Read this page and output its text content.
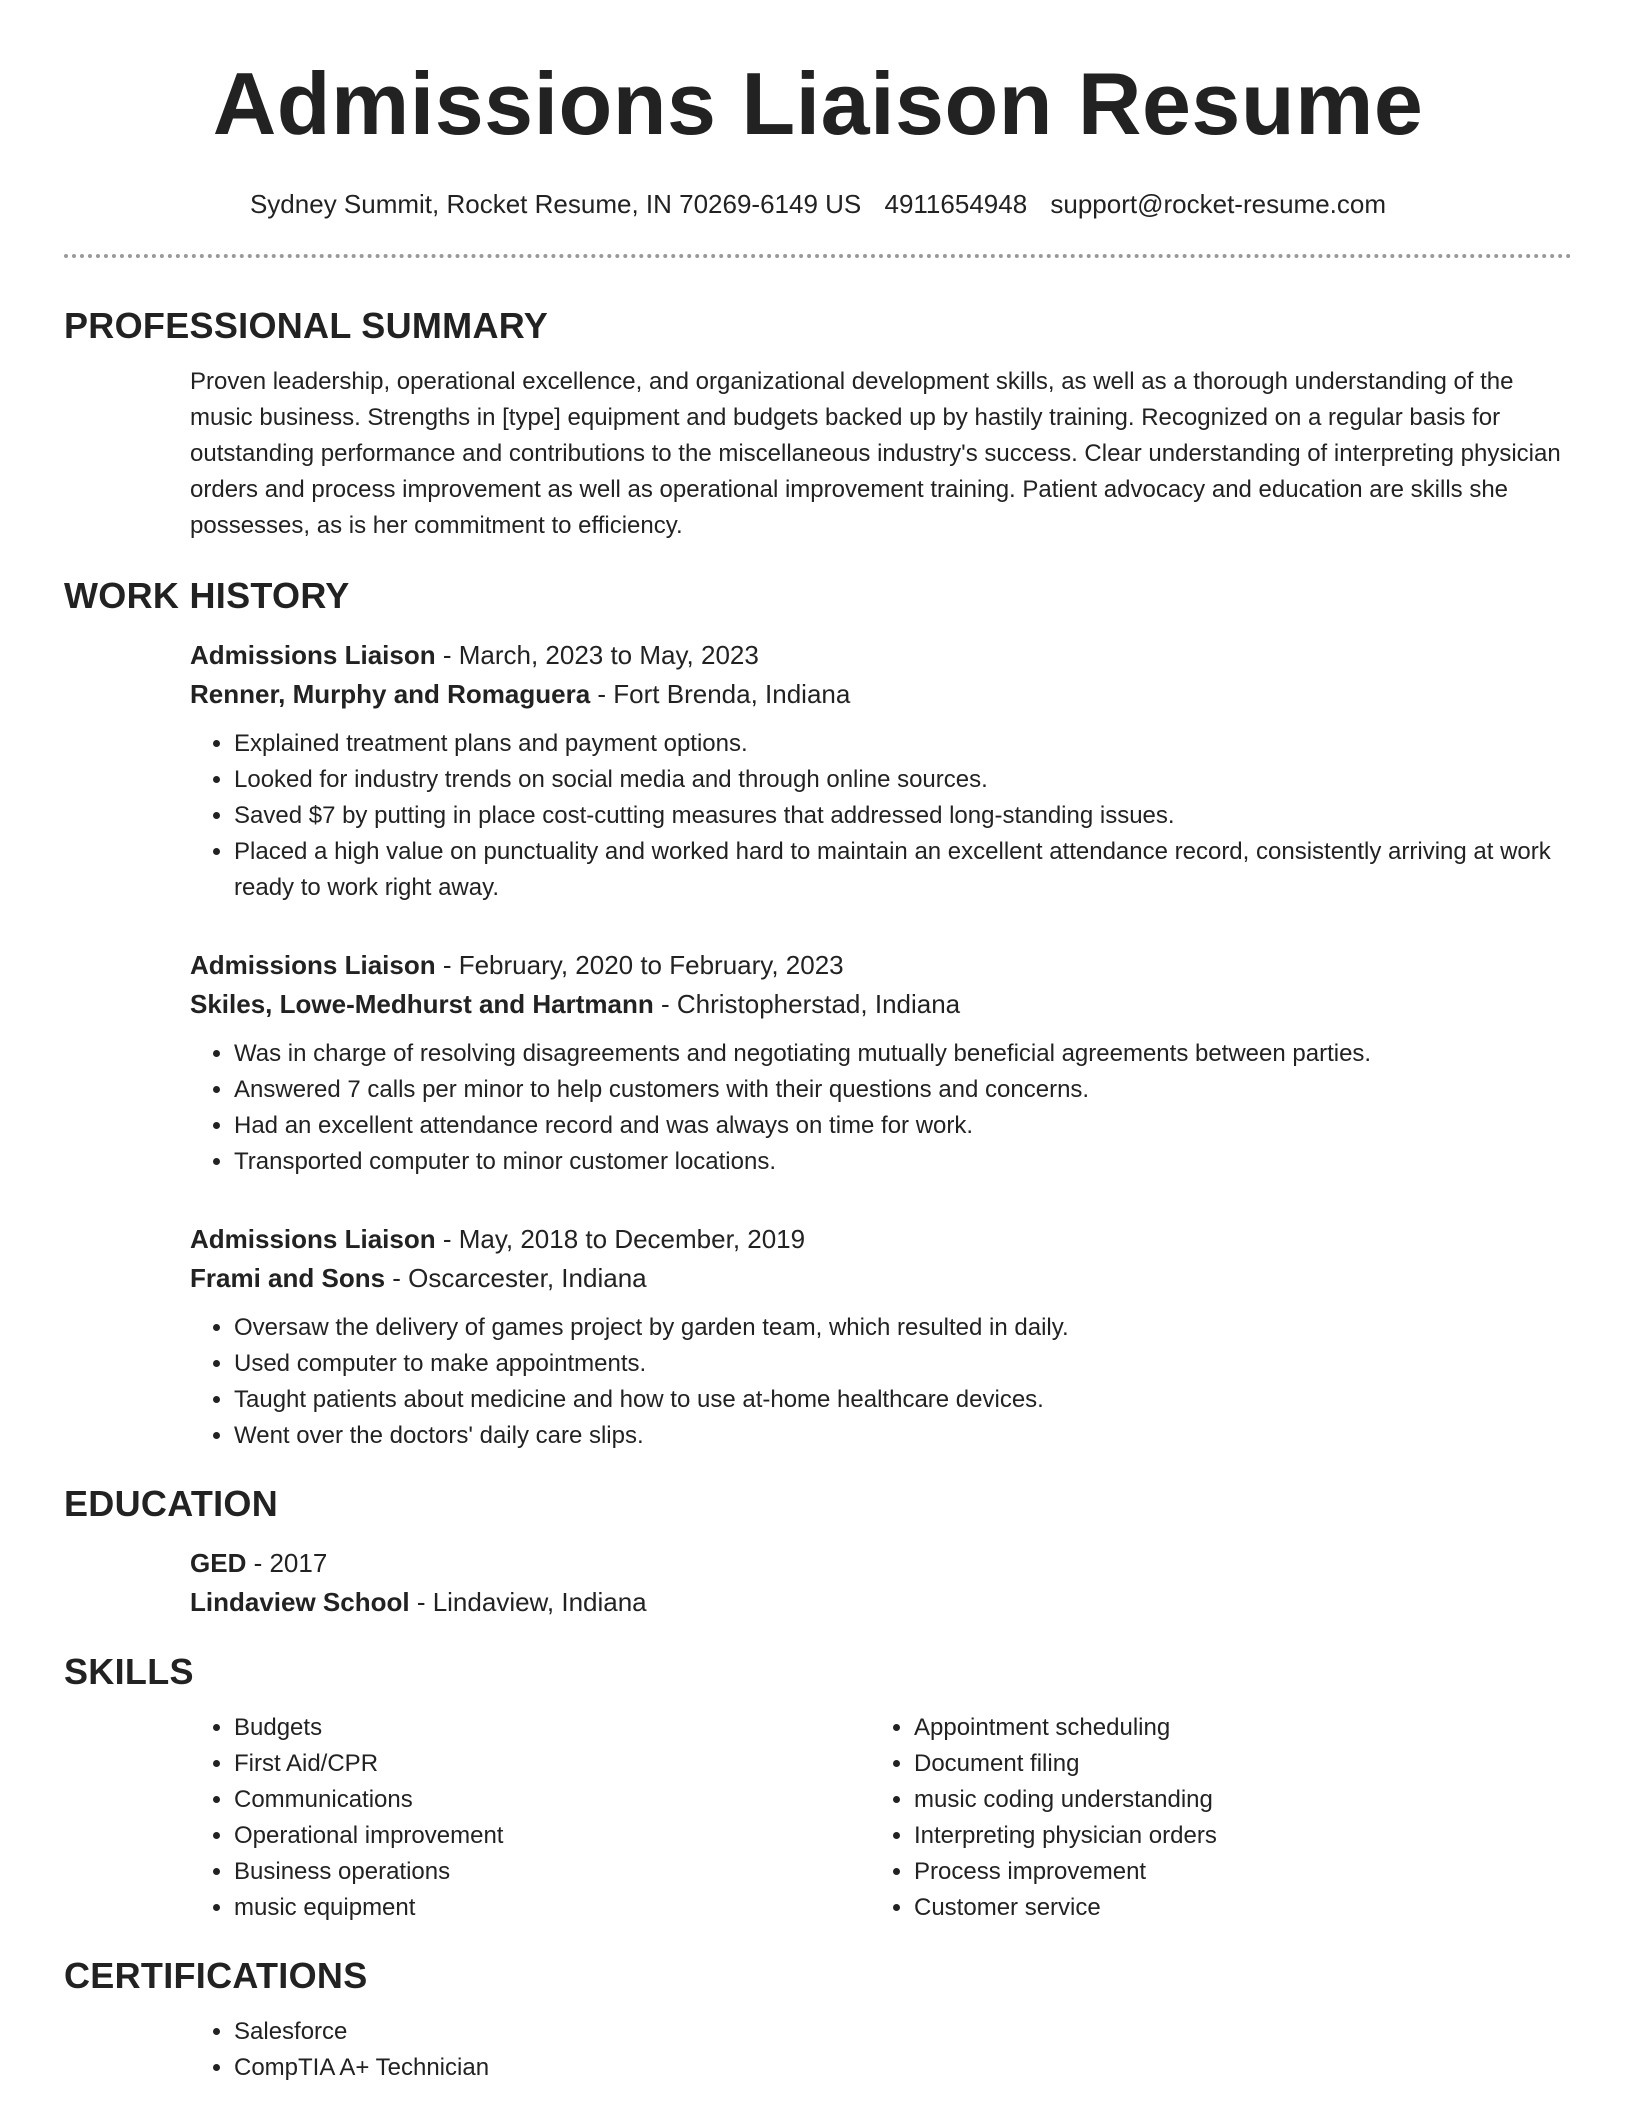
Admissions Liaison Resume
Sydney Summit, Rocket Resume, IN 70269-6149 US 4911654948 support@rocket-resume.com
PROFESSIONAL SUMMARY
Proven leadership, operational excellence, and organizational development skills, as well as a thorough understanding of the music business. Strengths in [type] equipment and budgets backed up by hastily training. Recognized on a regular basis for outstanding performance and contributions to the miscellaneous industry's success. Clear understanding of interpreting physician orders and process improvement as well as operational improvement training. Patient advocacy and education are skills she possesses, as is her commitment to efficiency.
WORK HISTORY
Admissions Liaison - March, 2023 to May, 2023
Renner, Murphy and Romaguera - Fort Brenda, Indiana
• Explained treatment plans and payment options.
• Looked for industry trends on social media and through online sources.
• Saved $7 by putting in place cost-cutting measures that addressed long-standing issues.
• Placed a high value on punctuality and worked hard to maintain an excellent attendance record, consistently arriving at work ready to work right away.
Admissions Liaison - February, 2020 to February, 2023
Skiles, Lowe-Medhurst and Hartmann - Christopherstad, Indiana
• Was in charge of resolving disagreements and negotiating mutually beneficial agreements between parties.
• Answered 7 calls per minor to help customers with their questions and concerns.
• Had an excellent attendance record and was always on time for work.
• Transported computer to minor customer locations.
Admissions Liaison - May, 2018 to December, 2019
Frami and Sons - Oscarcester, Indiana
• Oversaw the delivery of games project by garden team, which resulted in daily.
• Used computer to make appointments.
• Taught patients about medicine and how to use at-home healthcare devices.
• Went over the doctors' daily care slips.
EDUCATION
GED - 2017
Lindaview School - Lindaview, Indiana
SKILLS
• Budgets
• First Aid/CPR
• Communications
• Operational improvement
• Business operations
• music equipment
• Appointment scheduling
• Document filing
• music coding understanding
• Interpreting physician orders
• Process improvement
• Customer service
CERTIFICATIONS
• Salesforce
• CompTIA A+ Technician
